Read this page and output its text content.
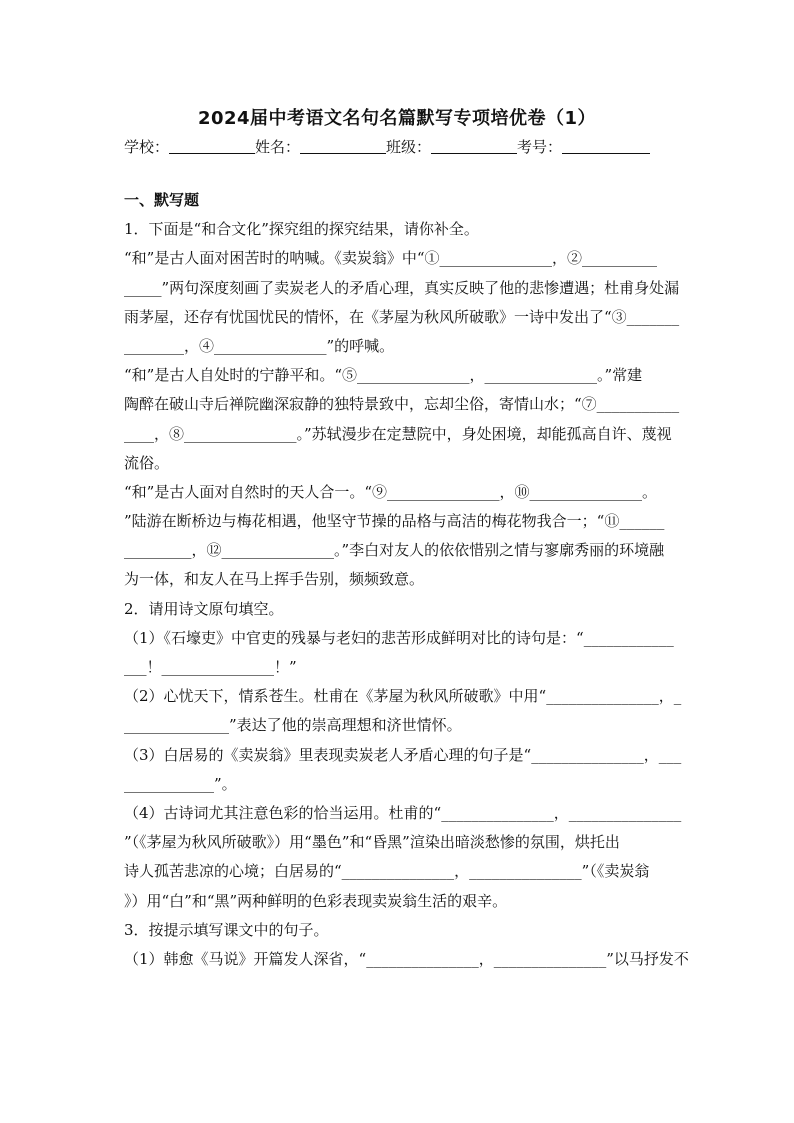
2024届中考语文名句名篇默写专项培优卷（1）
学校：	姓名：	班级：	考号：
一、默写题
1．下面是“和合文化”探究组的探究结果，请你补全。
“和”是古人面对困苦时的呐喊。《卖炭翁》中“①_______________，②__________
_____”两句深度刻画了卖炭老人的矛盾心理，真实反映了他的悲惨遭遇；杜甫身处漏
雨茅屋，还存有忧国忧民的情怀，在《茅屋为秋风所破歌》一诗中发出了“③_______
________，④_______________”的呼喊。
“和”是古人自处时的宁静平和。“⑤_______________，_______________。”常建
陶醉在破山寺后禅院幽深寂静的独特景致中，忘却尘俗，寄情山水；“⑦___________
____，⑧_______________。”苏轼漫步在定慧院中，身处困境，却能孤高自许、蔑视
流俗。
“和”是古人面对自然时的天人合一。“⑨_______________，⑩_______________。
”陆游在断桥边与梅花相遇，他坚守节操的品格与高洁的梅花物我合一；“⑪______
_________，⑫_______________。”李白对友人的依依惜别之情与寥廓秀丽的环境融
为一体，和友人在马上挥手告别，频频致意。
2．请用诗文原句填空。
（1）《石壕吏》中官吏的残暴与老妇的悲苦形成鲜明对比的诗句是：“____________
___！_______________！”
（2）心忧天下，情系苍生。杜甫在《茅屋为秋风所破歌》中用“_______________，_
______________”表达了他的崇高理想和济世情怀。
（3）白居易的《卖炭翁》里表现卖炭老人矛盾心理的句子是“_______________，___
____________”。
（4）古诗词尤其注意色彩的恰当运用。杜甫的“_______________，_______________
”（《茅屋为秋风所破歌》）用“墨色”和“昏黑”渲染出暗淡愁惨的氛围，烘托出
诗人孤苦悲凉的心境；白居易的“_______________，_______________”（《卖炭翁
》）用“白”和“黑”两种鲜明的色彩表现卖炭翁生活的艰辛。
3．按提示填写课文中的句子。
（1）韩愈《马说》开篇发人深省，“_______________，_______________”以马抒发不
